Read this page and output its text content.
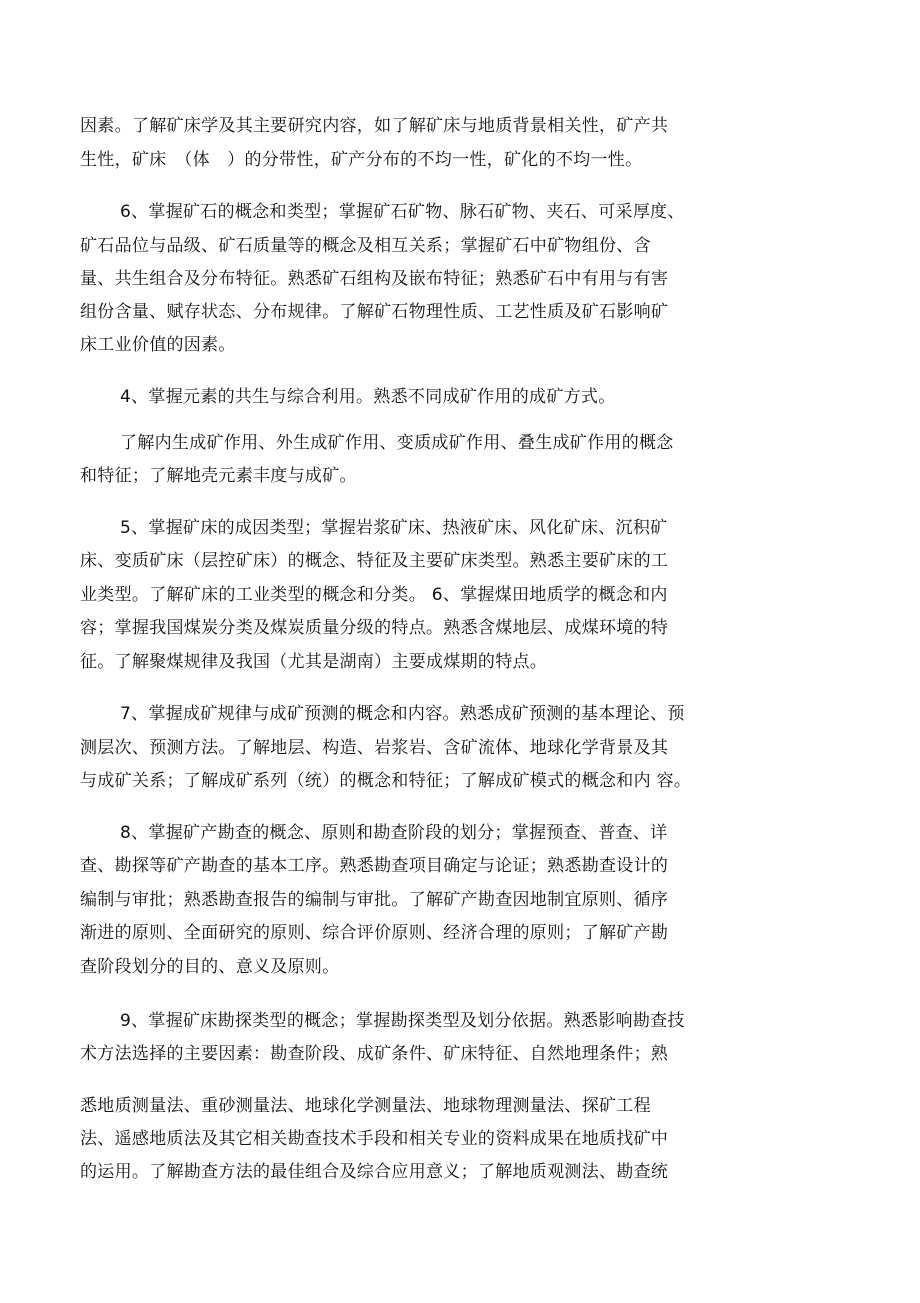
因素。了解矿床学及其主要研究内容，如了解矿床与地质背景相关性，矿产共
生性，矿床　（体　）的分带性，矿产分布的不均一性，矿化的不均一性。
6、掌握矿石的概念和类型；掌握矿石矿物、脉石矿物、夹石、可采厚度、
矿石品位与品级、矿石质量等的概念及相互关系；掌握矿石中矿物组份、含
量、共生组合及分布特征。熟悉矿石组构及嵌布特征；熟悉矿石中有用与有害
组份含量、赋存状态、分布规律。了解矿石物理性质、工艺性质及矿石影响矿
床工业价值的因素。
4、掌握元素的共生与综合利用。熟悉不同成矿作用的成矿方式。
了解内生成矿作用、外生成矿作用、变质成矿作用、叠生成矿作用的概念
和特征；了解地壳元素丰度与成矿。
5、掌握矿床的成因类型；掌握岩浆矿床、热液矿床、风化矿床、沉积矿
床、变质矿床（层控矿床）的概念、特征及主要矿床类型。熟悉主要矿床的工
业类型。了解矿床的工业类型的概念和分类。 6、掌握煤田地质学的概念和内
容；掌握我国煤炭分类及煤炭质量分级的特点。熟悉含煤地层、成煤环境的特
征。了解聚煤规律及我国（尤其是湖南）主要成煤期的特点。
7、掌握成矿规律与成矿预测的概念和内容。熟悉成矿预测的基本理论、预
测层次、预测方法。了解地层、构造、岩浆岩、含矿流体、地球化学背景及其
与成矿关系；了解成矿系列（统）的概念和特征；了解成矿模式的概念和内 容。
8、掌握矿产勘查的概念、原则和勘查阶段的划分；掌握预查、普查、详
查、勘探等矿产勘查的基本工序。熟悉勘查项目确定与论证；熟悉勘查设计的
编制与审批；熟悉勘查报告的编制与审批。了解矿产勘查因地制宜原则、循序
渐进的原则、全面研究的原则、综合评价原则、经济合理的原则；了解矿产勘
查阶段划分的目的、意义及原则。
9、掌握矿床勘探类型的概念；掌握勘探类型及划分依据。熟悉影响勘查技
术方法选择的主要因素：勘查阶段、成矿条件、矿床特征、自然地理条件；熟
悉地质测量法、重砂测量法、地球化学测量法、地球物理测量法、探矿工程
法、遥感地质法及其它相关勘查技术手段和相关专业的资料成果在地质找矿中
的运用。了解勘查方法的最佳组合及综合应用意义；了解地质观测法、勘查统
